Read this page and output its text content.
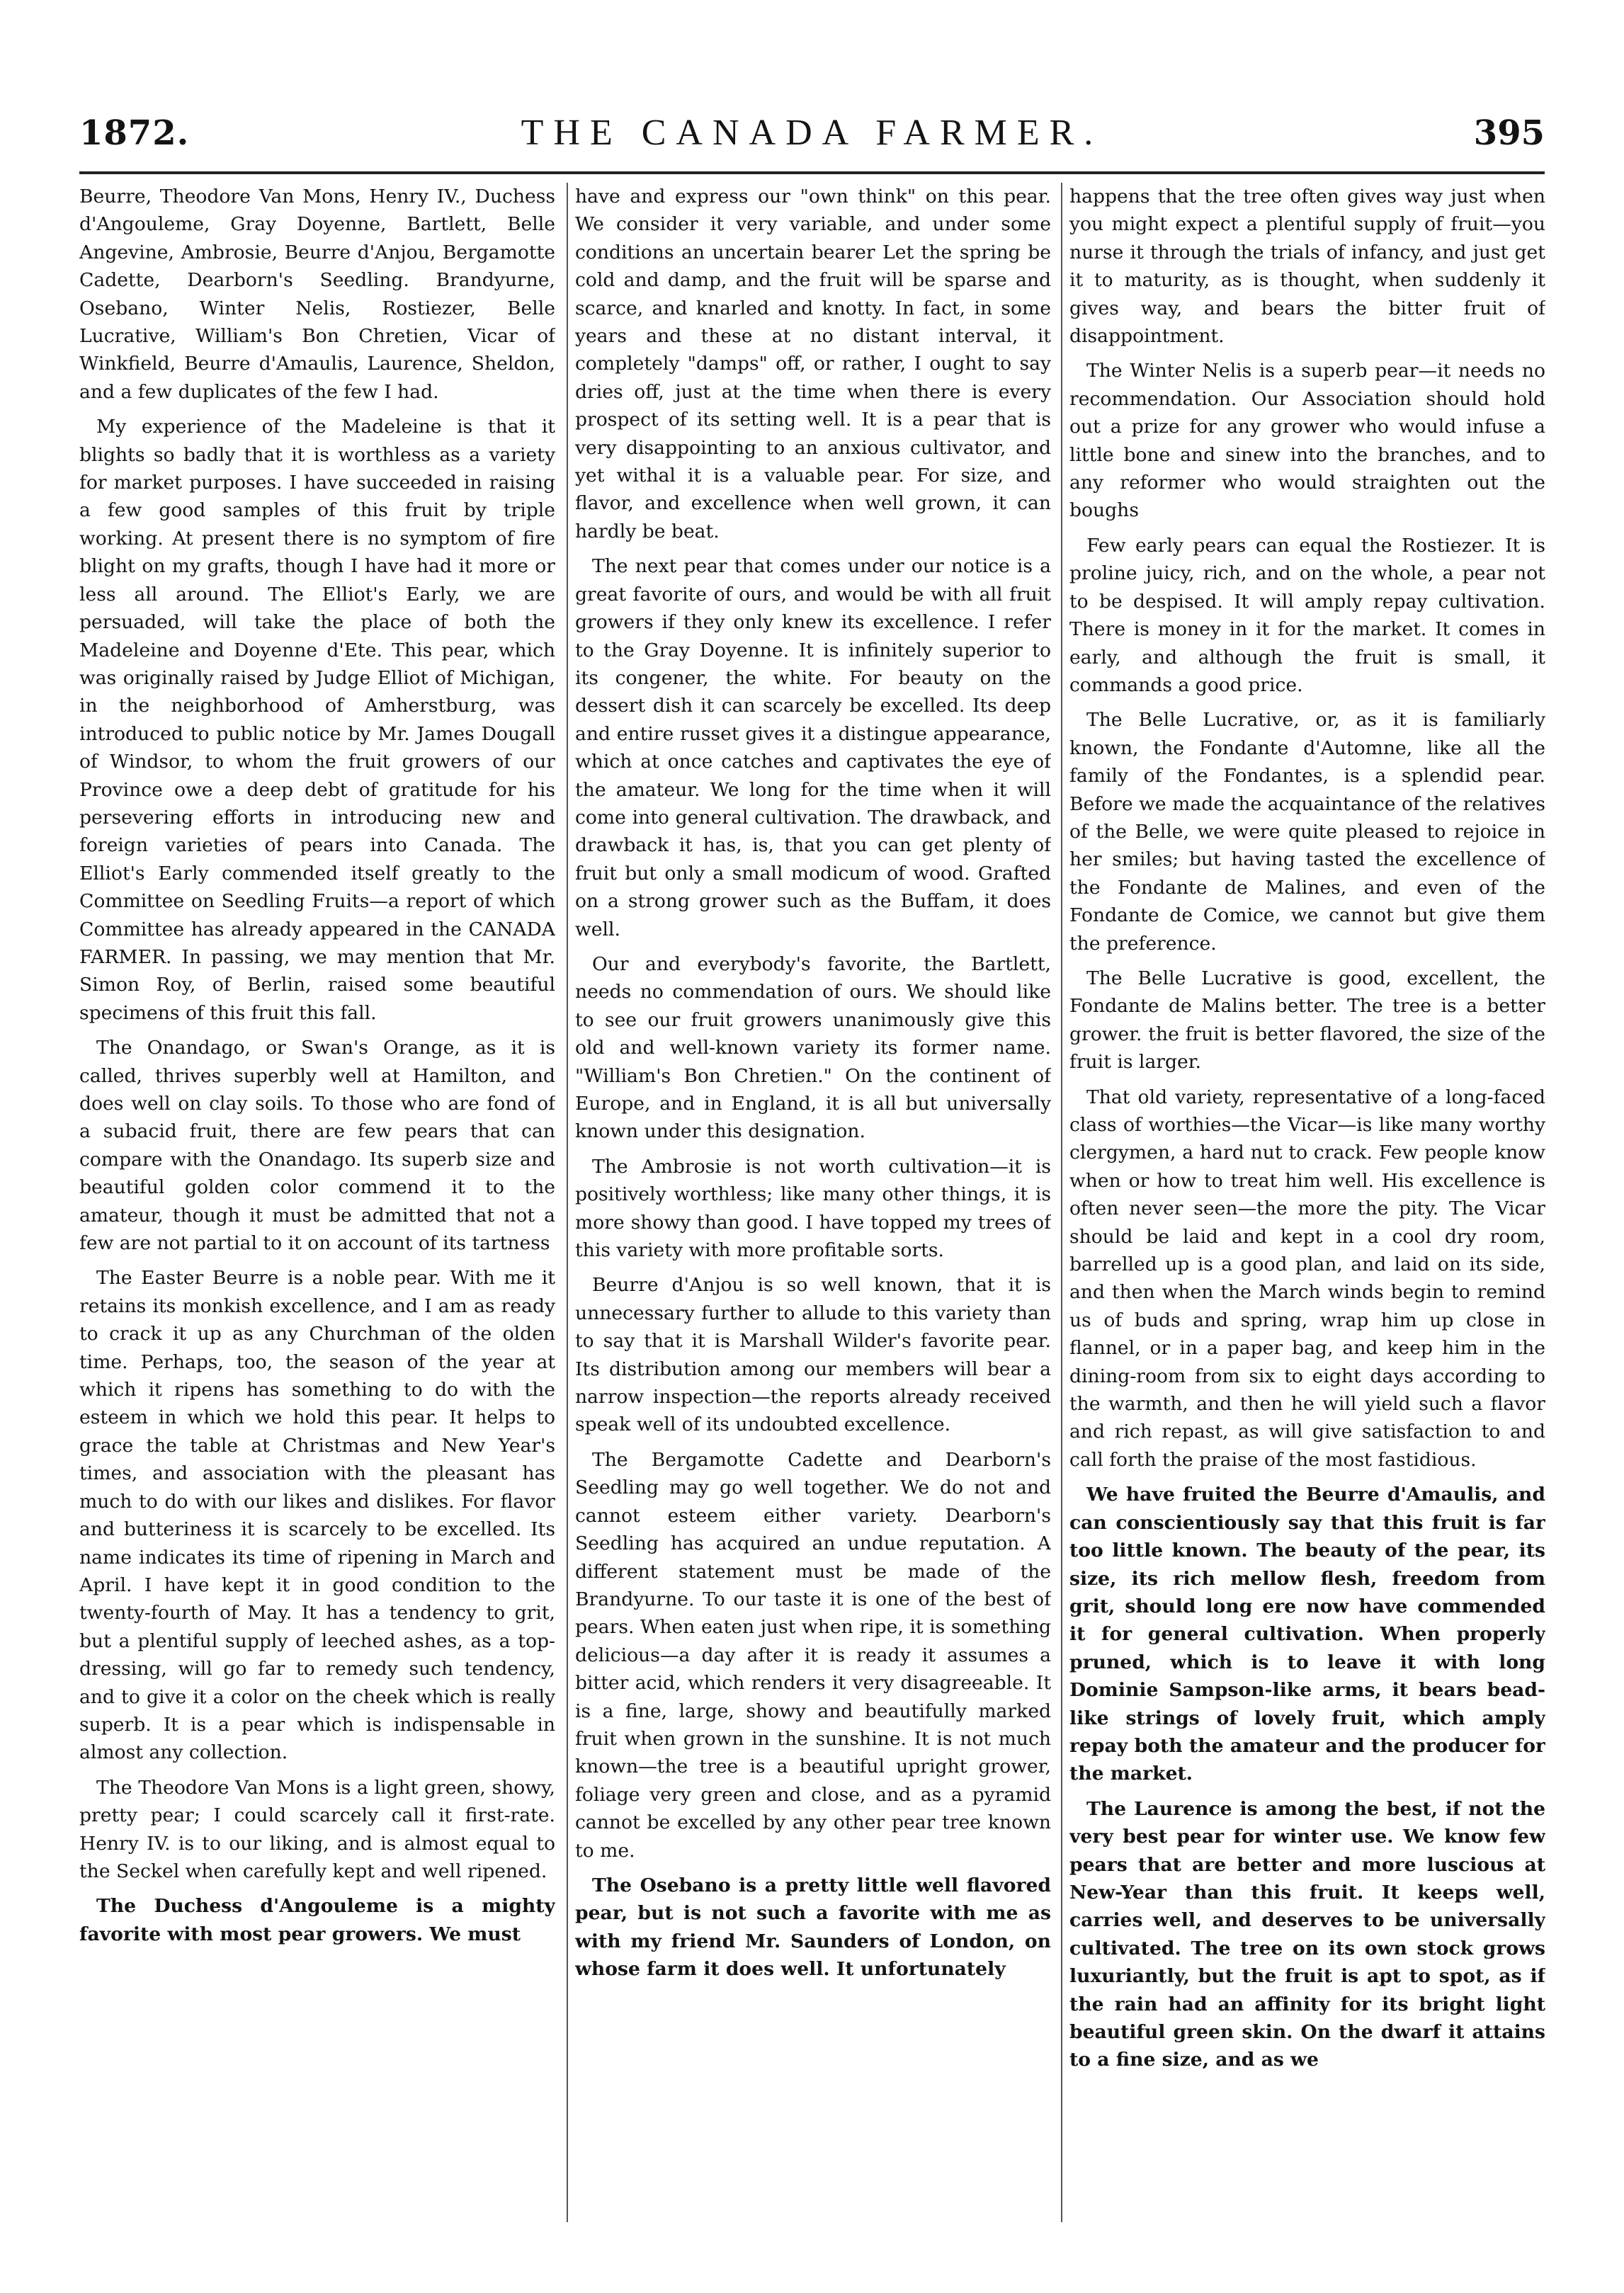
1872.	THE CANADA FARMER.	395

Beurre, Theodore Van Mons, Henry IV., Duchess d'Angouleme, Gray Doyenne, Bartlett, Belle Angevine, Ambrosie, Beurre d'Anjou, Bergamotte Cadette, Dearborn's Seedling. Brandyurne, Osebano, Winter Nelis, Rostiezer, Belle Lucrative, William's Bon Chretien, Vicar of Winkfield, Beurre d'Amaulis, Laurence, Sheldon, and a few duplicates of the few I had.

My experience of the Madeleine is that it blights so badly that it is worthless as a variety for market purposes. I have succeeded in raising a few good samples of this fruit by triple working. At present there is no symptom of fire blight on my grafts, though I have had it more or less all around. The Elliot's Early, we are persuaded, will take the place of both the Madeleine and Doyenne d'Ete. This pear, which was originally raised by Judge Elliot of Michigan, in the neighborhood of Amherstburg, was introduced to public notice by Mr. James Dougall of Windsor, to whom the fruit growers of our Province owe a deep debt of gratitude for his persevering efforts in introducing new and foreign varieties of pears into Canada. The Elliot's Early commended itself greatly to the Committee on Seedling Fruits—a report of which Committee has already appeared in the CANADA FARMER. In passing, we may mention that Mr. Simon Roy, of Berlin, raised some beautiful specimens of this fruit this fall.

The Onandago, or Swan's Orange, as it is called, thrives superbly well at Hamilton, and does well on clay soils. To those who are fond of a subacid fruit, there are few pears that can compare with the Onandago. Its superb size and beautiful golden color commend it to the amateur, though it must be admitted that not a few are not partial to it on account of its tartness

The Easter Beurre is a noble pear. With me it retains its monkish excellence, and I am as ready to crack it up as any Churchman of the olden time. Perhaps, too, the season of the year at which it ripens has something to do with the esteem in which we hold this pear. It helps to grace the table at Christmas and New Year's times, and association with the pleasant has much to do with our likes and dislikes. For flavor and butteriness it is scarcely to be excelled. Its name indicates its time of ripening in March and April. I have kept it in good condition to the twenty-fourth of May. It has a tendency to grit, but a plentiful supply of leeched ashes, as a top-dressing, will go far to remedy such tendency, and to give it a color on the cheek which is really superb. It is a pear which is indispensable in almost any collection.

The Theodore Van Mons is a light green, showy, pretty pear; I could scarcely call it first-rate. Henry IV. is to our liking, and is almost equal to the Seckel when carefully kept and well ripened.

The Duchess d'Angouleme is a mighty favorite with most pear growers. We must

have and express our "own think" on this pear. We consider it very variable, and under some conditions an uncertain bearer Let the spring be cold and damp, and the fruit will be sparse and scarce, and knarled and knotty. In fact, in some years and these at no distant interval, it completely "damps" off, or rather, I ought to say dries off, just at the time when there is every prospect of its setting well. It is a pear that is very disappointing to an anxious cultivator, and yet withal it is a valuable pear. For size, and flavor, and excellence when well grown, it can hardly be beat.

The next pear that comes under our notice is a great favorite of ours, and would be with all fruit growers if they only knew its excellence. I refer to the Gray Doyenne. It is infinitely superior to its congener, the white. For beauty on the dessert dish it can scarcely be excelled. Its deep and entire russet gives it a distingue appearance, which at once catches and captivates the eye of the amateur. We long for the time when it will come into general cultivation. The drawback, and drawback it has, is, that you can get plenty of fruit but only a small modicum of wood. Grafted on a strong grower such as the Buffam, it does well.

Our and everybody's favorite, the Bartlett, needs no commendation of ours. We should like to see our fruit growers unanimously give this old and well-known variety its former name. "William's Bon Chretien." On the continent of Europe, and in England, it is all but universally known under this designation.

The Ambrosie is not worth cultivation—it is positively worthless; like many other things, it is more showy than good. I have topped my trees of this variety with more profitable sorts.

Beurre d'Anjou is so well known, that it is unnecessary further to allude to this variety than to say that it is Marshall Wilder's favorite pear. Its distribution among our members will bear a narrow inspection—the reports already received speak well of its undoubted excellence.

The Bergamotte Cadette and Dearborn's Seedling may go well together. We do not and cannot esteem either variety. Dearborn's Seedling has acquired an undue reputation. A different statement must be made of the Brandyurne. To our taste it is one of the best of pears. When eaten just when ripe, it is something delicious—a day after it is ready it assumes a bitter acid, which renders it very disagreeable. It is a fine, large, showy and beautifully marked fruit when grown in the sunshine. It is not much known—the tree is a beautiful upright grower, foliage very green and close, and as a pyramid cannot be excelled by any other pear tree known to me.

The Osebano is a pretty little well flavored pear, but is not such a favorite with me as with my friend Mr. Saunders of London, on whose farm it does well. It unfortunately

happens that the tree often gives way just when you might expect a plentiful supply of fruit—you nurse it through the trials of infancy, and just get it to maturity, as is thought, when suddenly it gives way, and bears the bitter fruit of disappointment.

The Winter Nelis is a superb pear—it needs no recommendation. Our Association should hold out a prize for any grower who would infuse a little bone and sinew into the branches, and to any reformer who would straighten out the boughs

Few early pears can equal the Rostiezer. It is proline juicy, rich, and on the whole, a pear not to be despised. It will amply repay cultivation. There is money in it for the market. It comes in early, and although the fruit is small, it commands a good price.

The Belle Lucrative, or, as it is familiarly known, the Fondante d'Automne, like all the family of the Fondantes, is a splendid pear. Before we made the acquaintance of the relatives of the Belle, we were quite pleased to rejoice in her smiles; but having tasted the excellence of the Fondante de Malines, and even of the Fondante de Comice, we cannot but give them the preference.

The Belle Lucrative is good, excellent, the Fondante de Malins better. The tree is a better grower. the fruit is better flavored, the size of the fruit is larger.

That old variety, representative of a long-faced class of worthies—the Vicar—is like many worthy clergymen, a hard nut to crack. Few people know when or how to treat him well. His excellence is often never seen—the more the pity. The Vicar should be laid and kept in a cool dry room, barrelled up is a good plan, and laid on its side, and then when the March winds begin to remind us of buds and spring, wrap him up close in flannel, or in a paper bag, and keep him in the dining-room from six to eight days according to the warmth, and then he will yield such a flavor and rich repast, as will give satisfaction to and call forth the praise of the most fastidious.

We have fruited the Beurre d'Amaulis, and can conscientiously say that this fruit is far too little known. The beauty of the pear, its size, its rich mellow flesh, freedom from grit, should long ere now have commended it for general cultivation. When properly pruned, which is to leave it with long Dominie Sampson-like arms, it bears bead-like strings of lovely fruit, which amply repay both the amateur and the producer for the market.

The Laurence is among the best, if not the very best pear for winter use. We know few pears that are better and more luscious at New-Year than this fruit. It keeps well, carries well, and deserves to be universally cultivated. The tree on its own stock grows luxuriantly, but the fruit is apt to spot, as if the rain had an affinity for its bright light beautiful green skin. On the dwarf it attains to a fine size, and as we
